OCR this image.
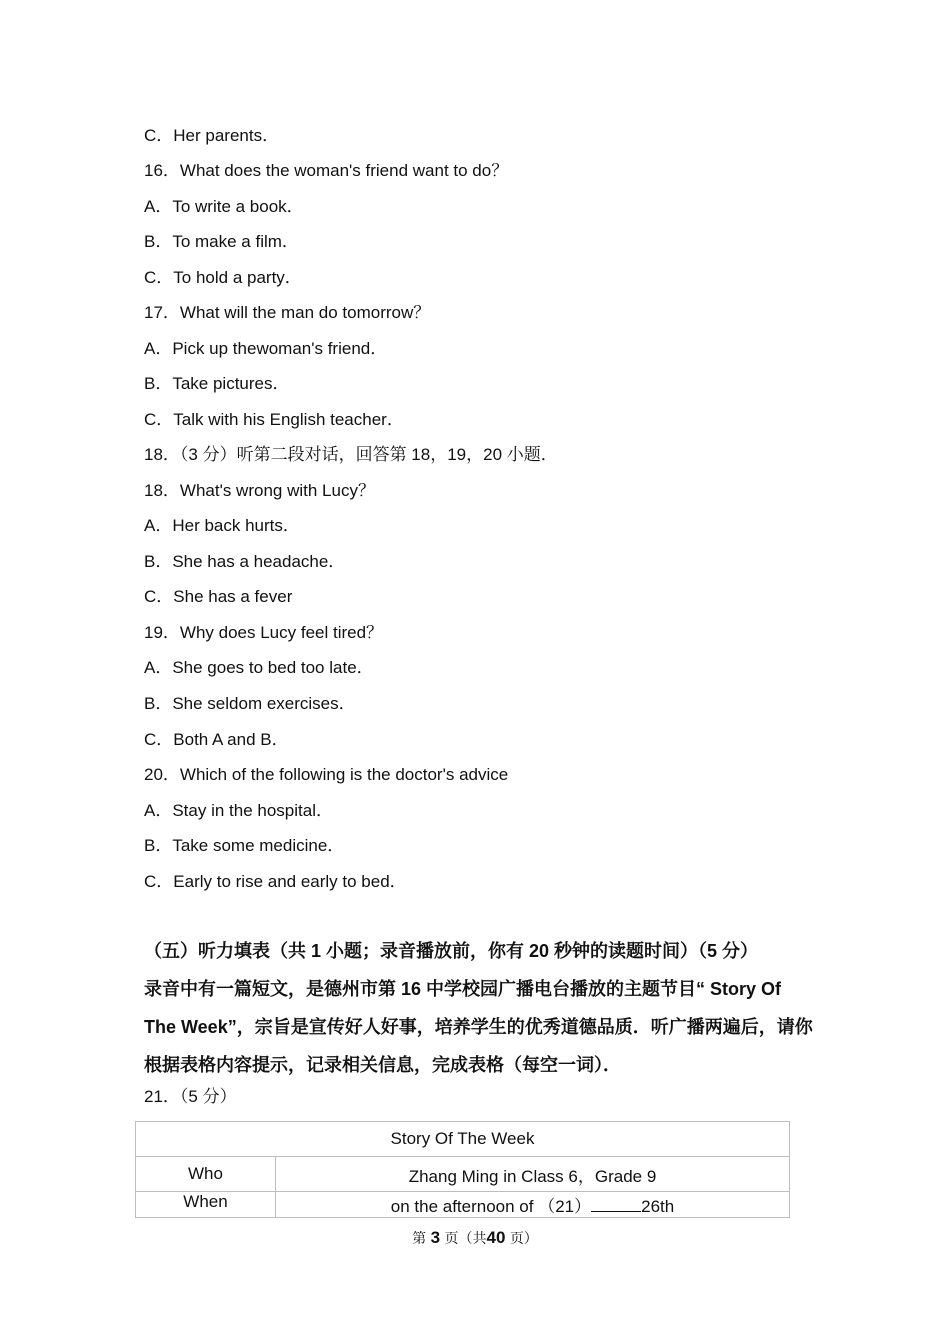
C．Her parents．
16．What does the woman's friend want to do？
A．To write a book．
B．To make a film．
C．To hold a party．
17．What will the man do tomorrow？
A．Pick up thewoman's friend．
B．Take pictures．
C．Talk with his English teacher．
18．（3 分）听第二段对话，回答第 18，19，20 小题．
18．What's wrong with Lucy？
A．Her back hurts．
B．She has a headache．
C．She has a fever
19．Why does Lucy feel tired？
A．She goes to bed too late．
B．She seldom exercises．
C．Both A and B．
20．Which of the following is the doctor's advice
A．Stay in the hospital．
B．Take some medicine．
C．Early to rise and early to bed．

（五）听力填表（共 1 小题；录音播放前，你有 20 秒钟的读题时间）（5 分）

录音中有一篇短文，是德州市第 16 中学校园广播电台播放的主题节目“ Story Of The Week”，宗旨是宣传好人好事，培养学生的优秀道德品质．听广播两遍后，请你根据表格内容提示，记录相关信息，完成表格（每空一词）．

21．（5 分）
Story Of The Week	
Who	Zhang Ming in Class 6，Grade 9
When	on the afternoon of （21） 26th
第 3 页（共40 页）
